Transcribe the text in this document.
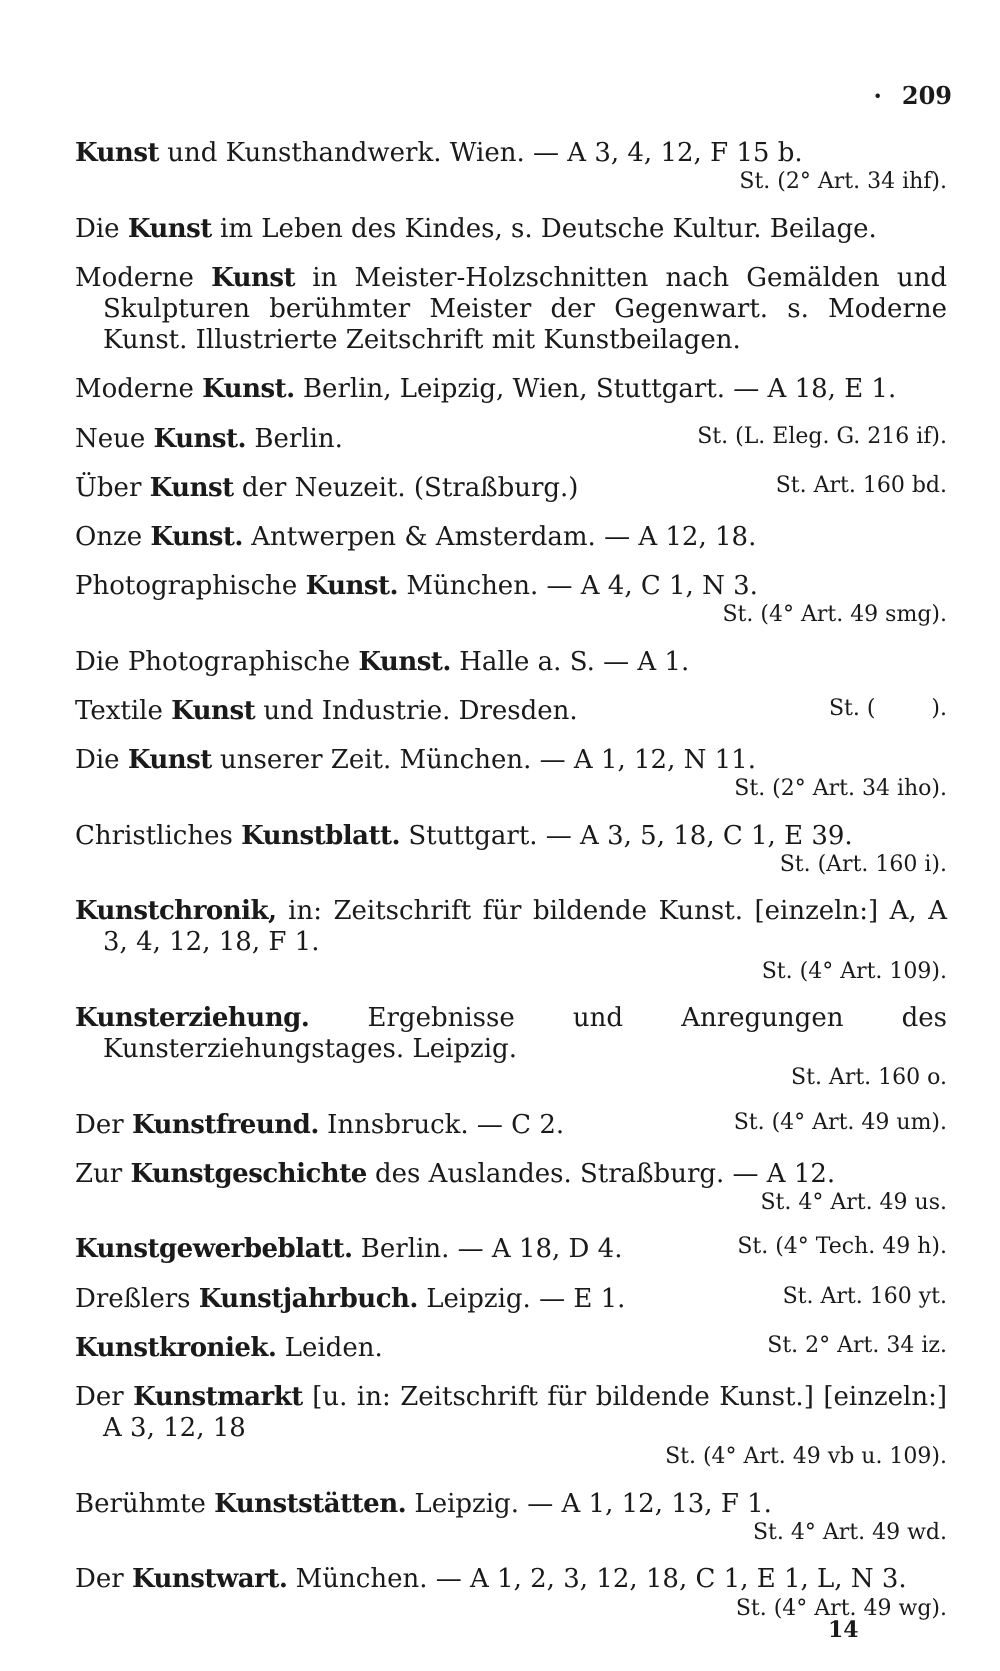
· 209
Kunst und Kunsthandwerk. Wien. — A 3, 4, 12, F 15 b.
St. (2° Art. 34 ihf).
Die Kunst im Leben des Kindes, s. Deutsche Kultur. Beilage.
Moderne Kunst in Meister-Holzschnitten nach Gemälden und Skulpturen berühmter Meister der Gegenwart. s. Moderne Kunst. Illustrierte Zeitschrift mit Kunstbeilagen.
Moderne Kunst. Berlin, Leipzig, Wien, Stuttgart. — A 18, E 1.
Neue Kunst. Berlin.	St. (L. Eleg. G. 216 if).
Über Kunst der Neuzeit. (Straßburg.)	St. Art. 160 bd.
Onze Kunst. Antwerpen & Amsterdam. — A 12, 18.
Photographische Kunst. München. — A 4, C 1, N 3.
St. (4° Art. 49 smg).
Die Photographische Kunst. Halle a. S. — A 1.
Textile Kunst und Industrie. Dresden.	St. (        ).
Die Kunst unserer Zeit. München. — A 1, 12, N 11.
St. (2° Art. 34 iho).
Christliches Kunstblatt. Stuttgart. — A 3, 5, 18, C 1, E 39.
St. (Art. 160 i).
Kunstchronik, in: Zeitschrift für bildende Kunst. [einzeln:] A, A 3, 4, 12, 18, F 1.
St. (4° Art. 109).
Kunsterziehung. Ergebnisse und Anregungen des Kunsterziehungstages. Leipzig.
St. Art. 160 o.
Der Kunstfreund. Innsbruck. — C 2.	St. (4° Art. 49 um).
Zur Kunstgeschichte des Auslandes. Straßburg. — A 12.
St. 4° Art. 49 us.
Kunstgewerbeblatt. Berlin. — A 18, D 4.	St. (4° Tech. 49 h).
Dreßlers Kunstjahrbuch. Leipzig. — E 1.	St. Art. 160 yt.
Kunstkroniek. Leiden.	St. 2° Art. 34 iz.
Der Kunstmarkt [u. in: Zeitschrift für bildende Kunst.] [einzeln:] A 3, 12, 18
St. (4° Art. 49 vb u. 109).
Berühmte Kunststätten. Leipzig. — A 1, 12, 13, F 1.
St. 4° Art. 49 wd.
Der Kunstwart. München. — A 1, 2, 3, 12, 18, C 1, E 1, L, N 3.
St. (4° Art. 49 wg).
14
